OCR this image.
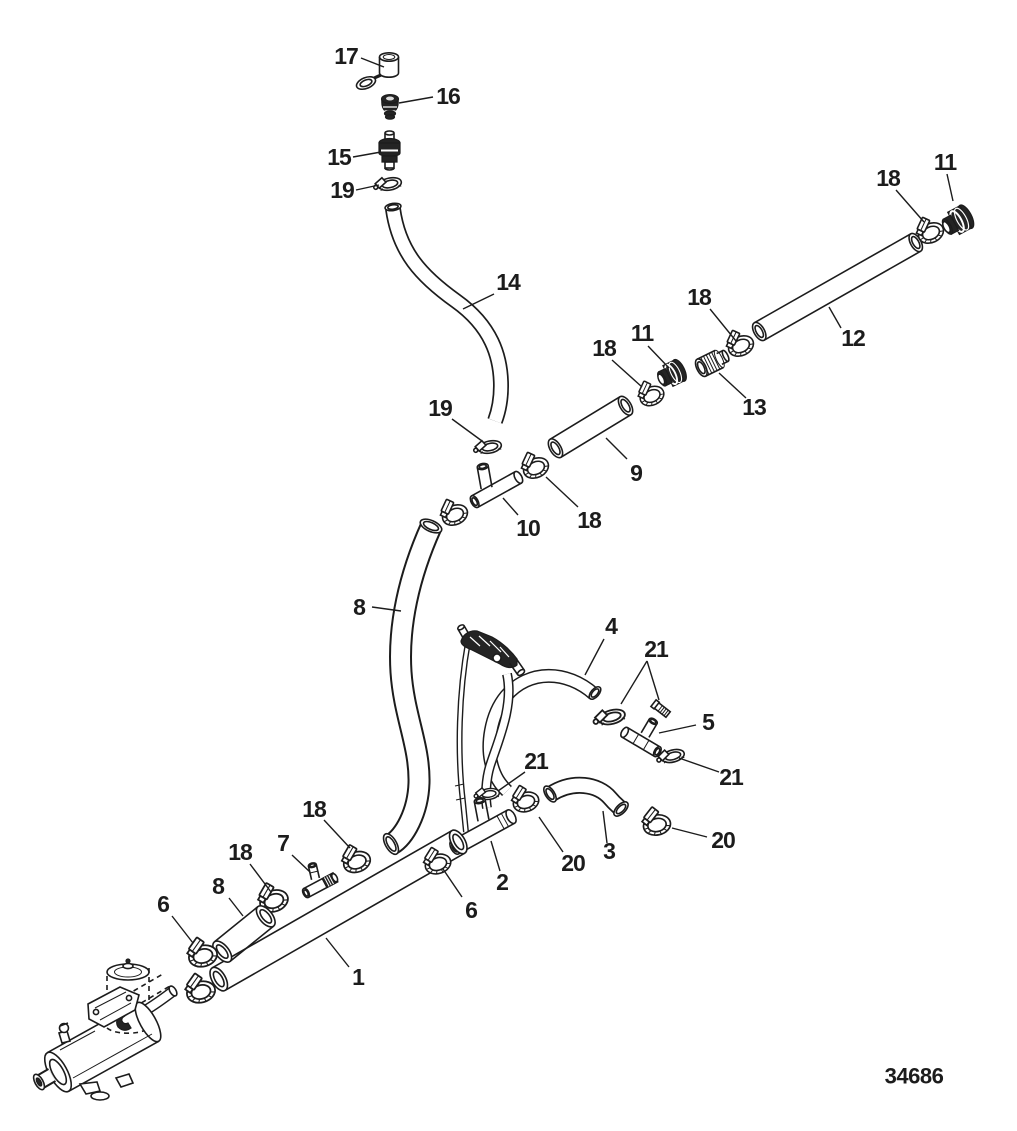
34686
17
16
15
19
14
18
11
12
18
11
18
13
9
19
10 18
8
4
21
5
21
20
3
20
21
2
6
18 7
18
8
6
1
